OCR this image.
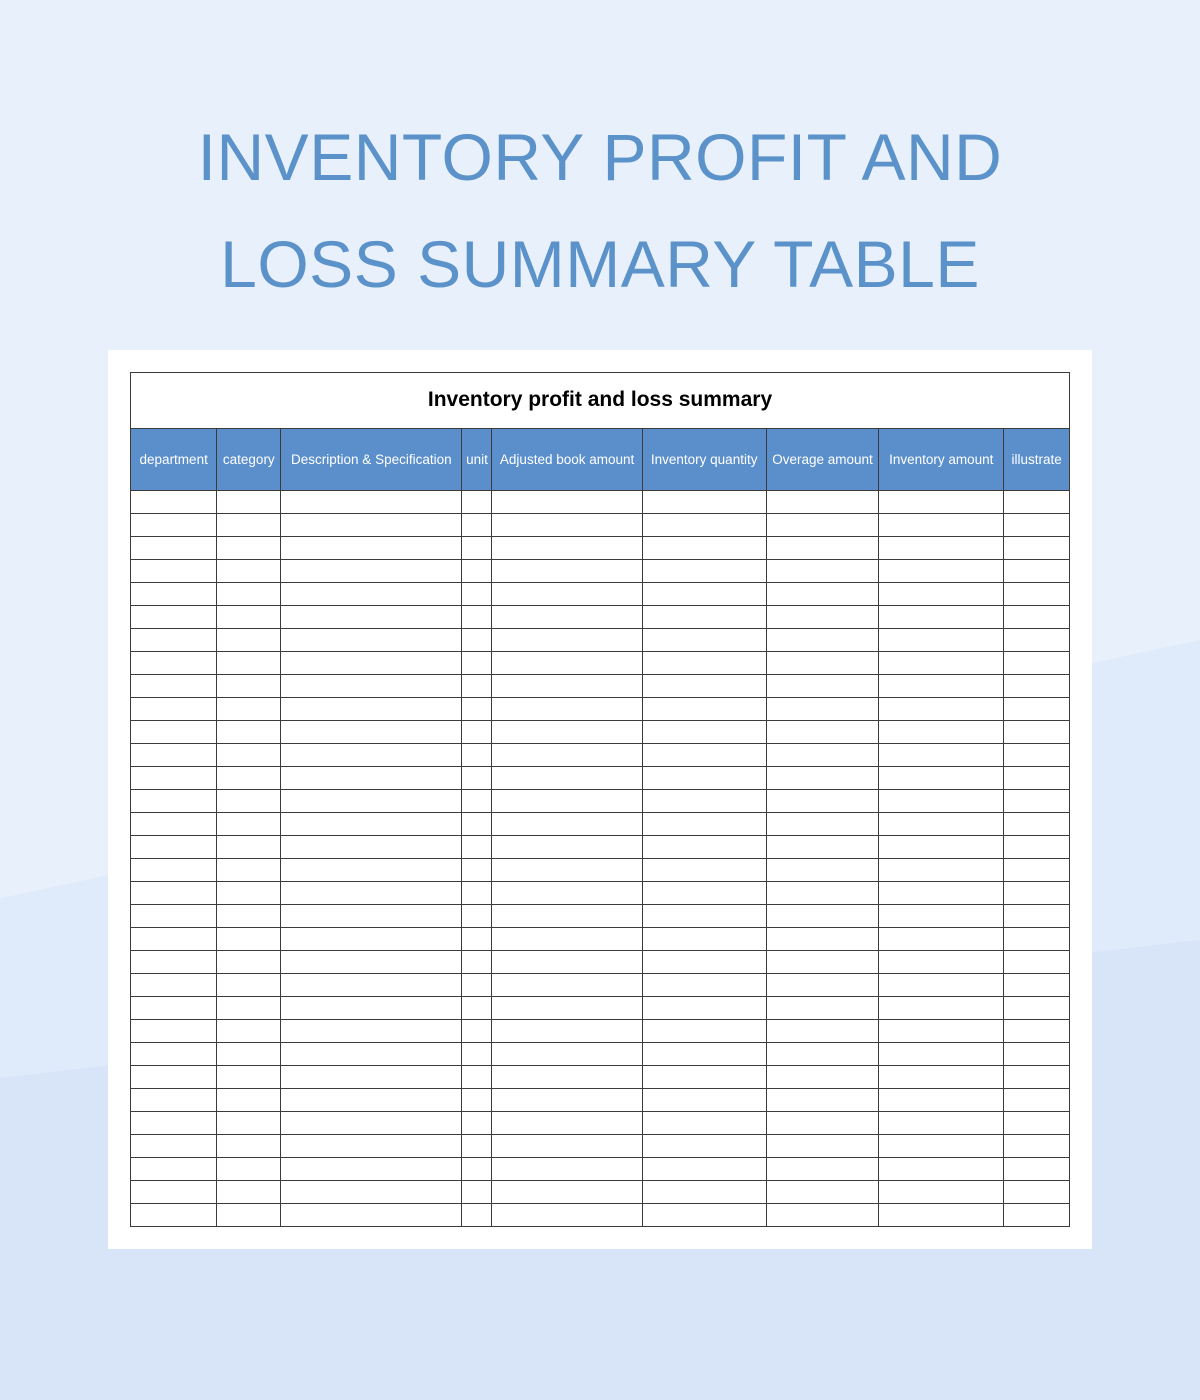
INVENTORY PROFIT AND
LOSS SUMMARY TABLE
Inventory profit and loss summary								
department	category	Description & Specification	unit	Adjusted book amount	Inventory quantity	Overage amount	Inventory amount	illustrate
